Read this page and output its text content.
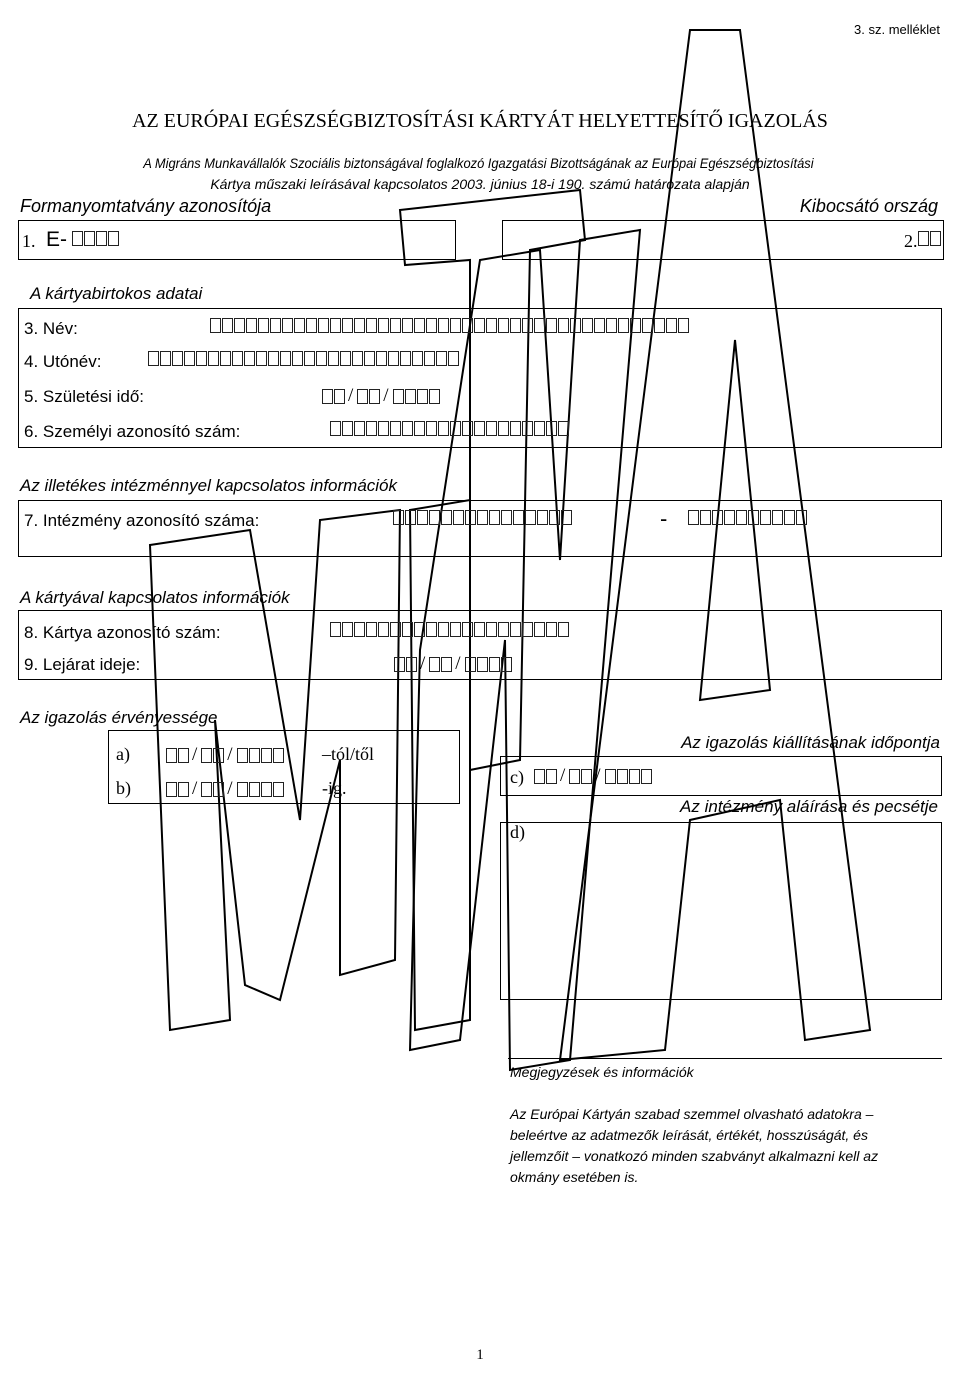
3. sz. melléklet
AZ EURÓPAI EGÉSZSÉGBIZTOSÍTÁSI KÁRTYÁT HELYETTESÍTŐ IGAZOLÁS
A Migráns Munkavállalók Szociális biztonságával foglalkozó Igazgatási Bizottságának az Európai Egészségbiztosítási
Kártya műszaki leírásával kapcsolatos 2003. június 18-i 190. számú határozata alapján
Formanyomtatvány azonosítója	Kibocsátó ország
1. E-	2.
A kártyabirtokos adatai
3. Név:
4. Utónév:
5. Születési idő:	/ /
6. Személyi azonosító szám:
Az illetékes intézménnyel kapcsolatos információk
7. Intézmény azonosító száma:	-
A kártyával kapcsolatos információk
8. Kártya azonosító szám:
9. Lejárat ideje:	/ /
Az igazolás érvényessége
a)	/ /	–tól/től
b)	/ /	-ig.
Az igazolás kiállításának időpontja
c)	/ /
Az intézmény aláírása és pecsétje
d)
Megjegyzések és információk
Az Európai Kártyán szabad szemmel olvasható adatokra – beleértve az adatmezők leírását, értékét, hosszúságát, és jellemzőit – vonatkozó minden szabványt alkalmazni kell az okmány esetében is.
1
